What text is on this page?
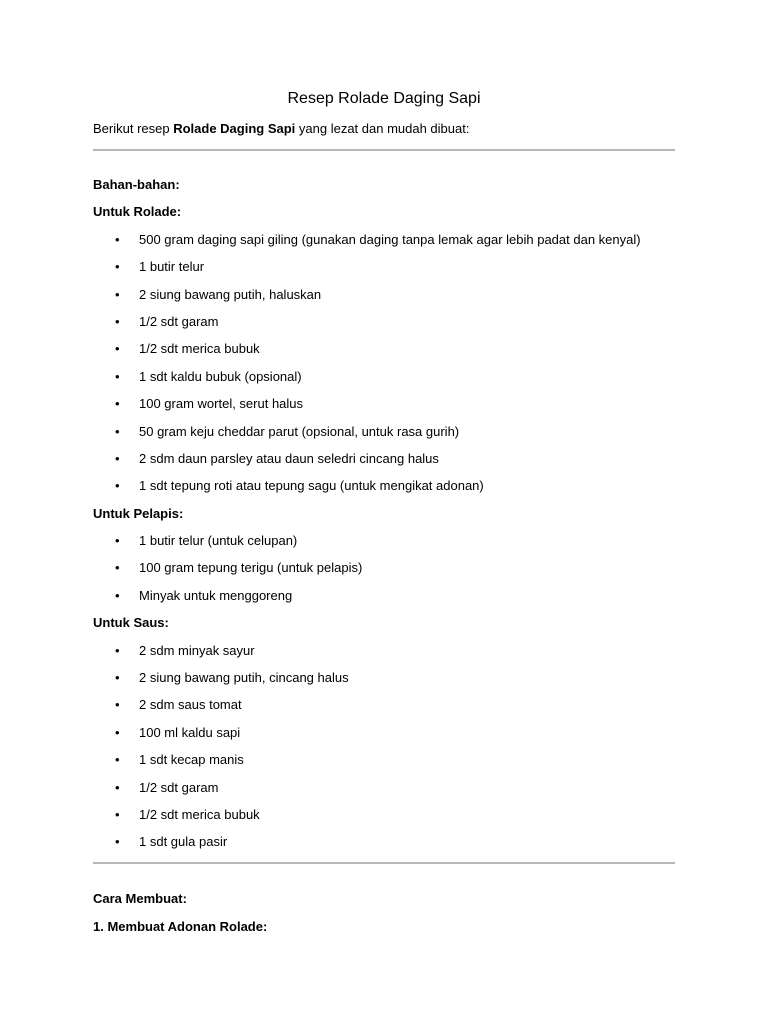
Resep Rolade Daging Sapi
Berikut resep Rolade Daging Sapi yang lezat dan mudah dibuat:
Bahan-bahan:
Untuk Rolade:
• 500 gram daging sapi giling (gunakan daging tanpa lemak agar lebih padat dan kenyal)
• 1 butir telur
• 2 siung bawang putih, haluskan
• 1/2 sdt garam
• 1/2 sdt merica bubuk
• 1 sdt kaldu bubuk (opsional)
• 100 gram wortel, serut halus
• 50 gram keju cheddar parut (opsional, untuk rasa gurih)
• 2 sdm daun parsley atau daun seledri cincang halus
• 1 sdt tepung roti atau tepung sagu (untuk mengikat adonan)
Untuk Pelapis:
• 1 butir telur (untuk celupan)
• 100 gram tepung terigu (untuk pelapis)
• Minyak untuk menggoreng
Untuk Saus:
• 2 sdm minyak sayur
• 2 siung bawang putih, cincang halus
• 2 sdm saus tomat
• 100 ml kaldu sapi
• 1 sdt kecap manis
• 1/2 sdt garam
• 1/2 sdt merica bubuk
• 1 sdt gula pasir
Cara Membuat:
1. Membuat Adonan Rolade:
